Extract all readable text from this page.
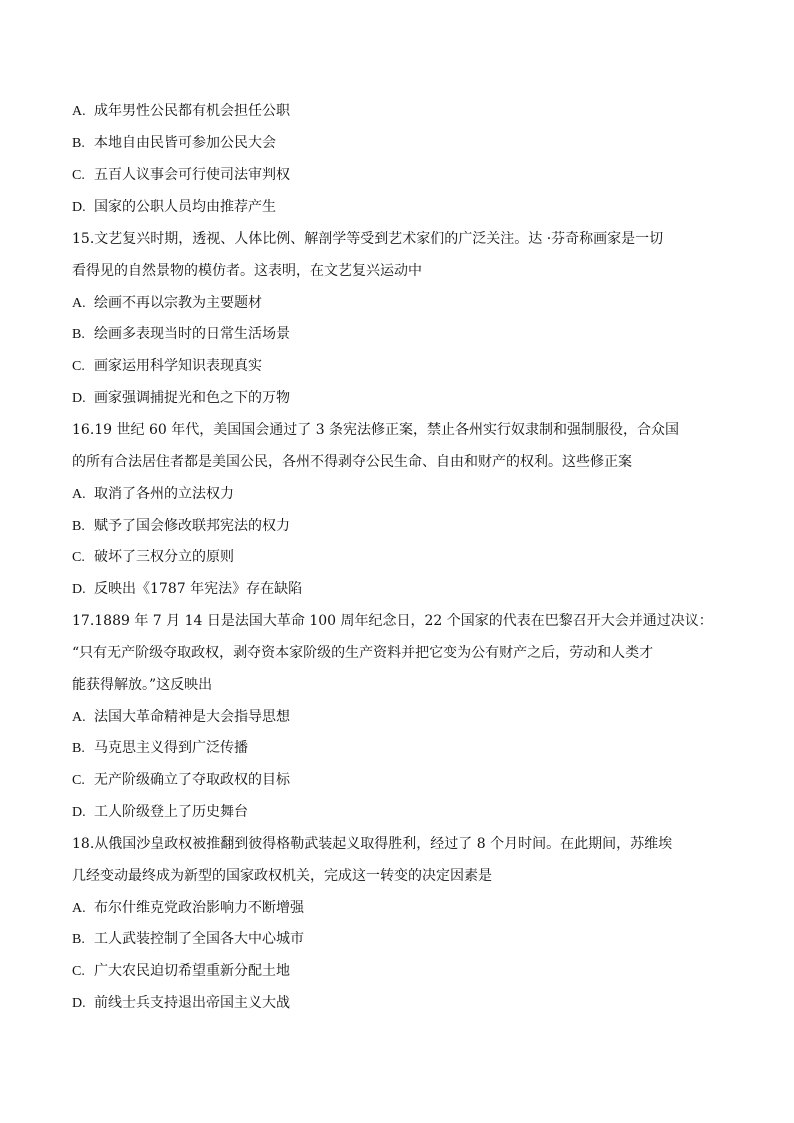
A. 成年男性公民都有机会担任公职
B. 本地自由民皆可参加公民大会
C. 五百人议事会可行使司法审判权
D. 国家的公职人员均由推荐产生
15.文艺复兴时期，透视、人体比例、解剖学等受到艺术家们的广泛关注。达 ·芬奇称画家是一切
看得见的自然景物的模仿者。这表明，在文艺复兴运动中
A. 绘画不再以宗教为主要题材
B. 绘画多表现当时的日常生活场景
C. 画家运用科学知识表现真实
D. 画家强调捕捉光和色之下的万物
16.19 世纪 60 年代，美国国会通过了 3 条宪法修正案，禁止各州实行奴隶制和强制服役，合众国
的所有合法居住者都是美国公民，各州不得剥夺公民生命、自由和财产的权利。这些修正案
A. 取消了各州的立法权力
B. 赋予了国会修改联邦宪法的权力
C. 破坏了三权分立的原则
D. 反映出《1787 年宪法》存在缺陷
17.1889 年 7 月 14 日是法国大革命 100 周年纪念日，22 个国家的代表在巴黎召开大会并通过决议：
“只有无产阶级夺取政权，剥夺资本家阶级的生产资料并把它变为公有财产之后，劳动和人类才
能获得解放。”这反映出
A. 法国大革命精神是大会指导思想
B. 马克思主义得到广泛传播
C. 无产阶级确立了夺取政权的目标
D. 工人阶级登上了历史舞台
18.从俄国沙皇政权被推翻到彼得格勒武装起义取得胜利，经过了 8 个月时间。在此期间，苏维埃
几经变动最终成为新型的国家政权机关，完成这一转变的决定因素是
A. 布尔什维克党政治影响力不断增强
B. 工人武装控制了全国各大中心城市
C. 广大农民迫切希望重新分配土地
D. 前线士兵支持退出帝国主义大战
